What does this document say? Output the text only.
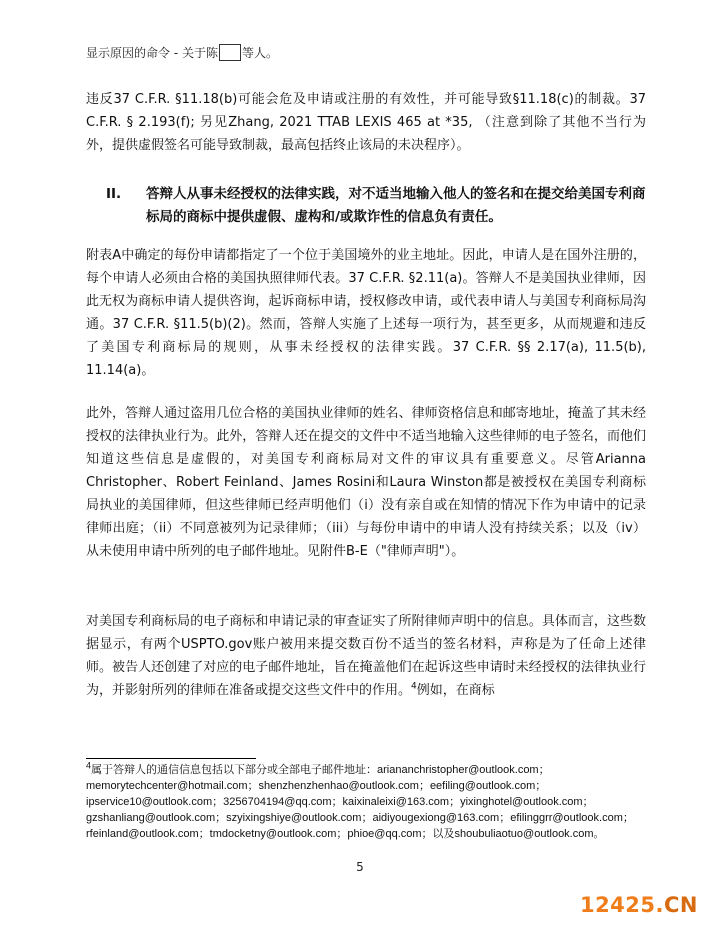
显示原因的命令 - 关于陈 等人。

违反37 C.F.R. §11.18(b)可能会危及申请或注册的有效性，并可能导致§11.18(c)的制裁。37 C.F.R. § 2.193(f); 另见Zhang, 2021 TTAB LEXIS 465 at *35, （注意到除了其他不当行为外，提供虚假签名可能导致制裁，最高包括终止该局的未决程序）。

II.	答辩人从事未经授权的法律实践，对不适当地输入他人的签名和在提交给美国专利商标局的商标中提供虚假、虚构和/或欺诈性的信息负有责任。

附表A中确定的每份申请都指定了一个位于美国境外的业主地址。因此，申请人是在国外注册的，每个申请人必须由合格的美国执照律师代表。37 C.F.R. §2.11(a)。答辩人不是美国执业律师，因此无权为商标申请人提供咨询，起诉商标申请，授权修改申请，或代表申请人与美国专利商标局沟通。37 C.F.R. §11.5(b)(2)。然而，答辩人实施了上述每一项行为，甚至更多，从而规避和违反了美国专利商标局的规则，从事未经授权的法律实践。37 C.F.R. §§ 2.17(a), 11.5(b), 11.14(a)。

此外，答辩人通过盗用几位合格的美国执业律师的姓名、律师资格信息和邮寄地址，掩盖了其未经授权的法律执业行为。此外，答辩人还在提交的文件中不适当地输入这些律师的电子签名，而他们知道这些信息是虚假的，对美国专利商标局对文件的审议具有重要意义。尽管Arianna Christopher、Robert Feinland、James Rosini和Laura Winston都是被授权在美国专利商标局执业的美国律师，但这些律师已经声明他们（i）没有亲自或在知情的情况下作为申请中的记录律师出庭；（ii）不同意被列为记录律师；（iii）与每份申请中的申请人没有持续关系；以及（iv）从未使用申请中所列的电子邮件地址。见附件B-E（"律师声明"）。

对美国专利商标局的电子商标和申请记录的审查证实了所附律师声明中的信息。具体而言，这些数据显示，有两个USPTO.gov账户被用来提交数百份不适当的签名材料，声称是为了任命上述律师。被告人还创建了对应的电子邮件地址，旨在掩盖他们在起诉这些申请时未经授权的法律执业行为，并影射所列的律师在准备或提交这些文件中的作用。$^4$例如，在商标

$^4$属于答辩人的通信信息包括以下部分或全部电子邮件地址：ariananchristopher@outlook.com；memorytechcenter@hotmail.com；shenzhenzhenhao@outlook.com；eefiling@outlook.com；ipservice10@outlook.com；3256704194@qq.com；kaixinaleixi@163.com；yixinghotel@outlook.com；gzshanliang@outlook.com；szyixingshiye@outlook.com；aidiyougexiong@163.com；efilinggrr@outlook.com；rfeinland@outlook.com；tmdocketny@outlook.com；phioe@qq.com；以及shoubuliaotuo@outlook.com。

5
12425.CN
